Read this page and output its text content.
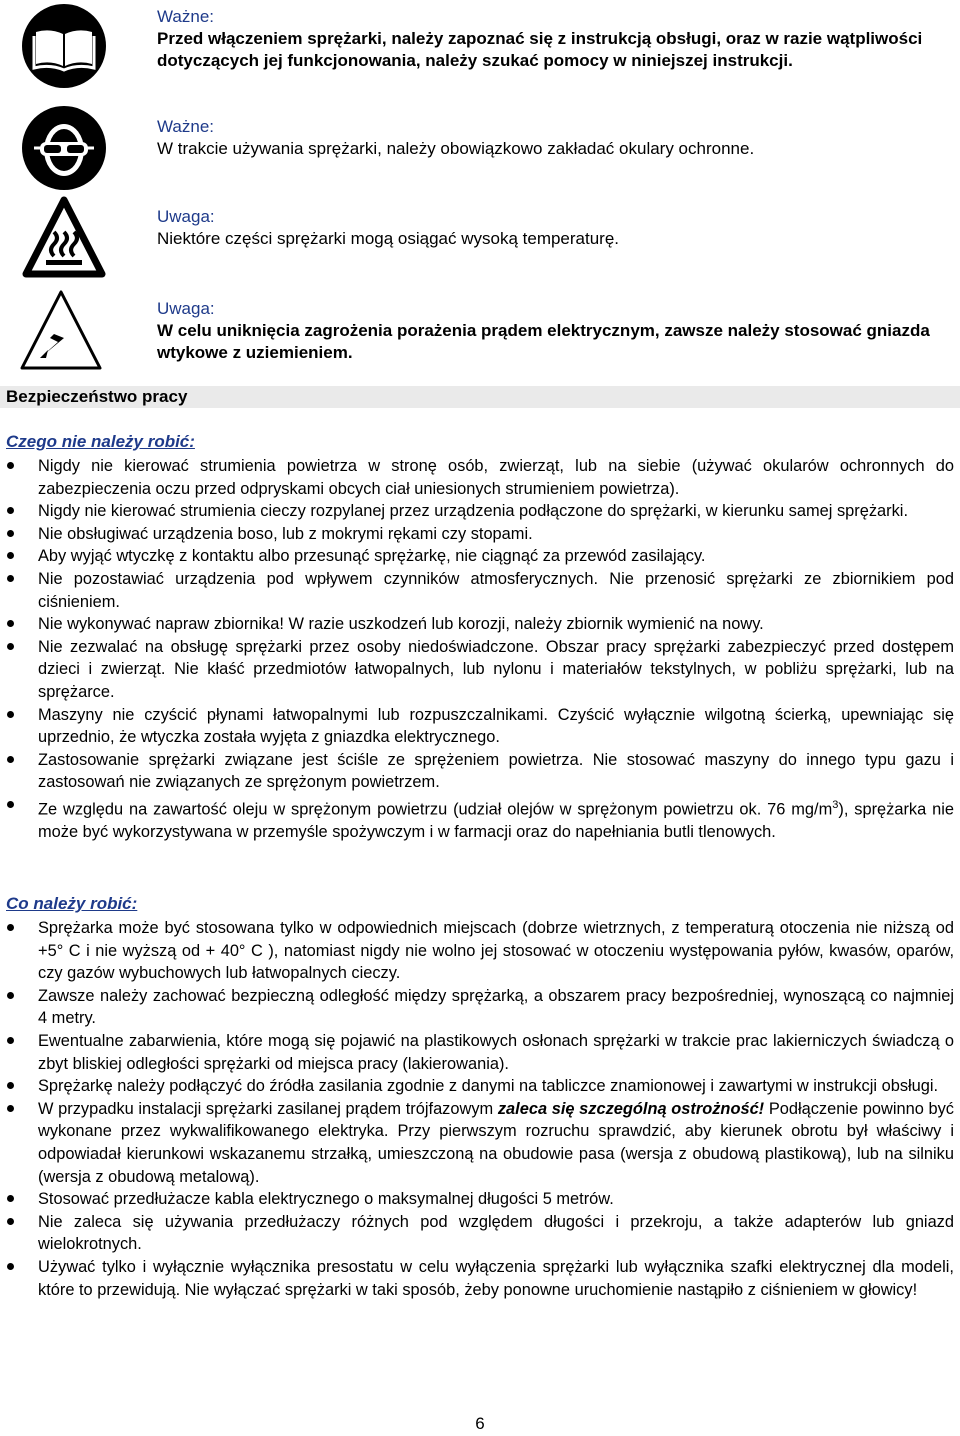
Ważne:
Przed włączeniem sprężarki, należy zapoznać się z instrukcją obsługi, oraz w razie wątpliwości dotyczących jej funkcjonowania, należy szukać pomocy w niniejszej instrukcji.
Ważne:
W trakcie używania sprężarki, należy obowiązkowo zakładać okulary ochronne.
Uwaga:
Niektóre części sprężarki mogą osiągać wysoką temperaturę.
Uwaga:
W celu uniknięcia zagrożenia porażenia prądem elektrycznym, zawsze należy stosować gniazda wtykowe z uziemieniem.
Bezpieczeństwo pracy
Czego nie należy robić:
Nigdy nie kierować strumienia powietrza w stronę osób, zwierząt, lub na siebie (używać okularów ochronnych do zabezpieczenia oczu przed odpryskami obcych ciał uniesionych strumieniem powietrza).
Nigdy nie kierować strumienia cieczy rozpylanej przez urządzenia podłączone do sprężarki, w kierunku samej sprężarki.
Nie obsługiwać urządzenia boso, lub z mokrymi rękami czy stopami.
Aby wyjąć wtyczkę z kontaktu albo przesunąć sprężarkę, nie ciągnąć za przewód zasilający.
Nie pozostawiać urządzenia pod wpływem czynników atmosferycznych. Nie przenosić sprężarki ze zbiornikiem pod ciśnieniem.
Nie wykonywać napraw zbiornika! W razie uszkodzeń lub korozji, należy zbiornik wymienić na nowy.
Nie zezwalać na obsługę sprężarki przez osoby niedoświadczone. Obszar pracy sprężarki zabezpieczyć przed dostępem dzieci i zwierząt. Nie kłaść przedmiotów łatwopalnych, lub nylonu i materiałów tekstylnych, w pobliżu sprężarki, lub na sprężarce.
Maszyny nie czyścić płynami łatwopalnymi lub rozpuszczalnikami. Czyścić wyłącznie wilgotną ścierką, upewniając się uprzednio, że wtyczka została wyjęta z gniazdka elektrycznego.
Zastosowanie sprężarki związane jest ściśle ze sprężeniem powietrza. Nie stosować maszyny do innego typu gazu i zastosowań nie związanych ze sprężonym powietrzem.
Ze względu na zawartość oleju w sprężonym powietrzu (udział olejów w sprężonym powietrzu ok. 76 $mg/m^3$), sprężarka nie może być wykorzystywana w przemyśle spożywczym i w farmacji oraz do napełniania butli tlenowych.
Co należy robić:
Sprężarka może być stosowana tylko w odpowiednich miejscach (dobrze wietrznych, z temperaturą otoczenia nie niższą od +5° C i nie wyższą od + 40° C ), natomiast nigdy nie wolno jej stosować w otoczeniu występowania pyłów, kwasów, oparów, czy gazów wybuchowych lub łatwopalnych cieczy.
Zawsze należy zachować bezpieczną odległość między sprężarką, a obszarem pracy bezpośredniej, wynoszącą co najmniej 4 metry.
Ewentualne zabarwienia, które mogą się pojawić na plastikowych osłonach sprężarki w trakcie prac lakierniczych świadczą o zbyt bliskiej odległości sprężarki od miejsca pracy (lakierowania).
Sprężarkę należy podłączyć do źródła zasilania zgodnie z danymi na tabliczce znamionowej i zawartymi w instrukcji obsługi.
W przypadku instalacji sprężarki zasilanej prądem trójfazowym zaleca się szczególną ostrożność! Podłączenie powinno być wykonane przez wykwalifikowanego elektryka. Przy pierwszym rozruchu sprawdzić, aby kierunek obrotu był właściwy i odpowiadał kierunkowi wskazanemu strzałką, umieszczoną na obudowie pasa (wersja z obudową plastikową), lub na silniku (wersja z obudową metalową).
Stosować przedłużacze kabla elektrycznego o maksymalnej długości 5 metrów.
Nie zaleca się używania przedłużaczy różnych pod względem długości i przekroju, a także adapterów lub gniazd wielokrotnych.
Używać tylko i wyłącznie wyłącznika presostatu w celu wyłączenia sprężarki lub wyłącznika szafki elektrycznej dla modeli, które to przewidują. Nie wyłączać sprężarki w taki sposób, żeby ponowne uruchomienie nastąpiło z ciśnieniem w głowicy!
6
